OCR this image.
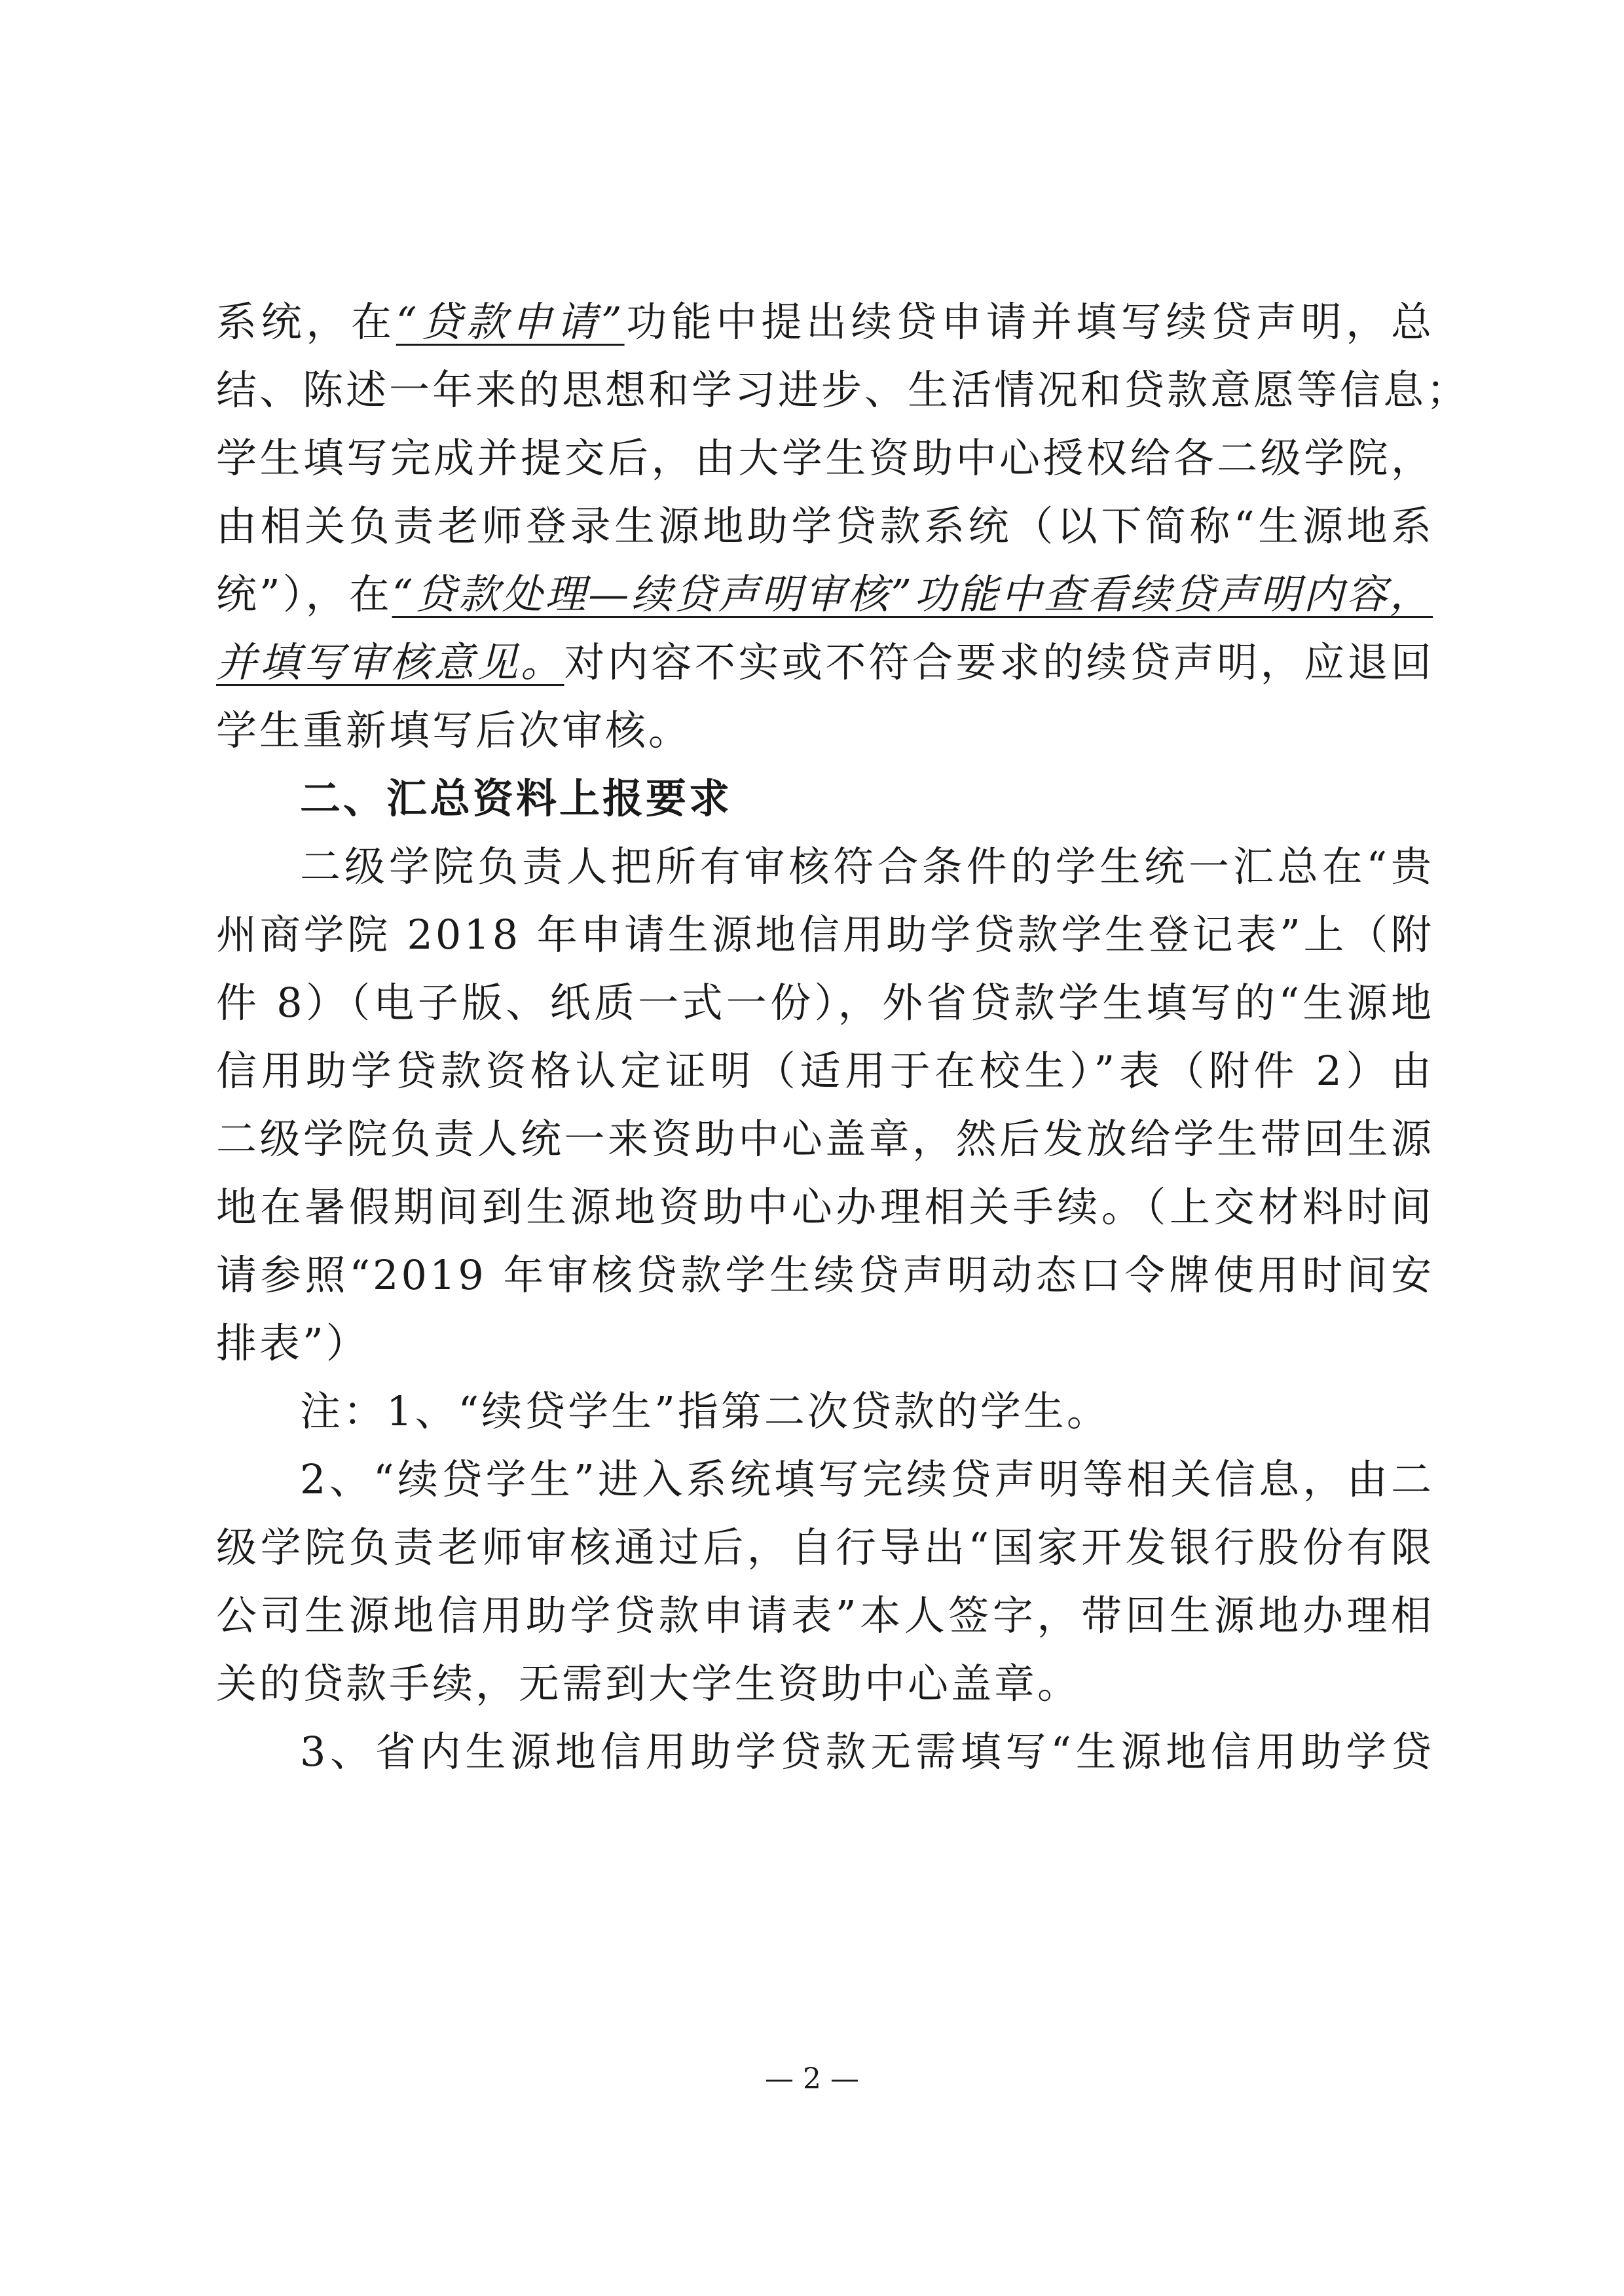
系统，在“贷款申请”功能中提出续贷申请并填写续贷声明，总
结、陈述一年来的思想和学习进步、生活情况和贷款意愿等信息；
学生填写完成并提交后，由大学生资助中心授权给各二级学院，
由相关负责老师登录生源地助学贷款系统（以下简称“生源地系
统”），在“贷款处理—续贷声明审核”功能中查看续贷声明内容，
并填写审核意见。对内容不实或不符合要求的续贷声明，应退回
学生重新填写后次审核。
二、汇总资料上报要求
二级学院负责人把所有审核符合条件的学生统一汇总在“贵
州商学院 2018 年申请生源地信用助学贷款学生登记表”上（附
件 8）（电子版、纸质一式一份），外省贷款学生填写的“生源地
信用助学贷款资格认定证明（适用于在校生）”表（附件 2）由
二级学院负责人统一来资助中心盖章，然后发放给学生带回生源
地在暑假期间到生源地资助中心办理相关手续。（上交材料时间
请参照“2019 年审核贷款学生续贷声明动态口令牌使用时间安
排表”）
注：1、“续贷学生”指第二次贷款的学生。
2、“续贷学生”进入系统填写完续贷声明等相关信息，由二
级学院负责老师审核通过后，自行导出“国家开发银行股份有限
公司生源地信用助学贷款申请表”本人签字，带回生源地办理相
关的贷款手续，无需到大学生资助中心盖章。
3、省内生源地信用助学贷款无需填写“生源地信用助学贷
— 2 —
